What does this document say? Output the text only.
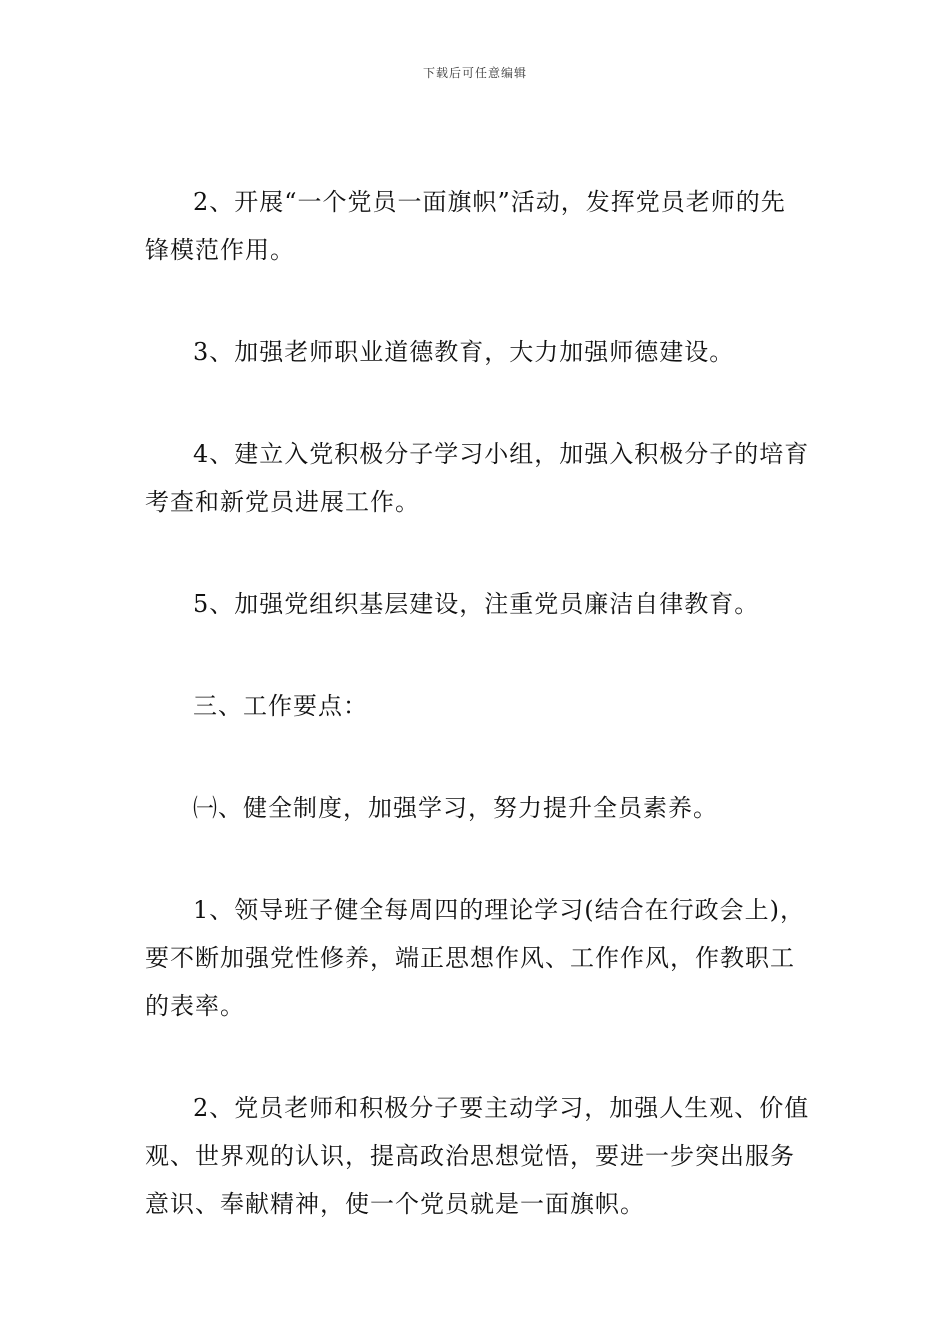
下载后可任意编辑

2、开展“一个党员一面旗帜”活动，发挥党员老师的先锋模范作用。

3、加强老师职业道德教育，大力加强师德建设。

4、建立入党积极分子学习小组，加强入积极分子的培育考查和新党员进展工作。

5、加强党组织基层建设，注重党员廉洁自律教育。

三、工作要点：

㈠、健全制度，加强学习，努力提升全员素养。

1、领导班子健全每周四的理论学习(结合在行政会上)，要不断加强党性修养，端正思想作风、工作作风，作教职工的表率。

2、党员老师和积极分子要主动学习，加强人生观、价值观、世界观的认识，提高政治思想觉悟，要进一步突出服务意识、奉献精神，使一个党员就是一面旗帜。
